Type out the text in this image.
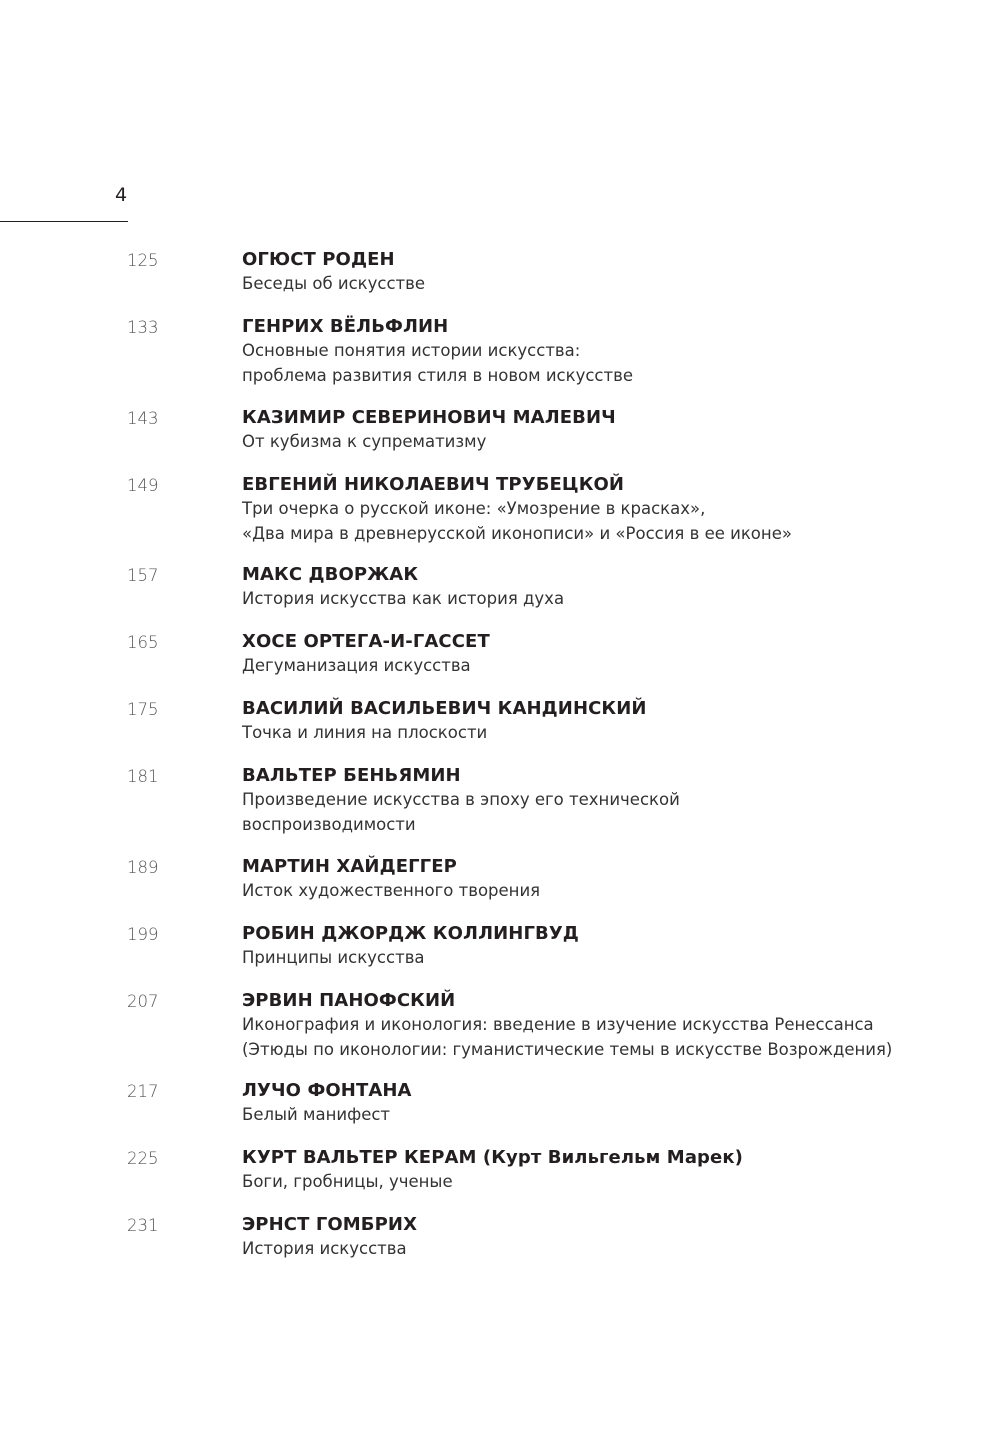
4
125	ОГЮСТ РОДЕН
Беседы об искусстве
133	ГЕНРИХ ВЁЛЬФЛИН
Основные понятия истории искусства:
проблема развития стиля в новом искусстве
143	КАЗИМИР СЕВЕРИНОВИЧ МАЛЕВИЧ
От кубизма к супрематизму
149	ЕВГЕНИЙ НИКОЛАЕВИЧ ТРУБЕЦКОЙ
Три очерка о русской иконе: «Умозрение в красках»,
«Два мира в древнерусской иконописи» и «Россия в ее иконе»
157	МАКС ДВОРЖАК
История искусства как история духа
165	ХОСЕ ОРТЕГА-И-ГАССЕТ
Дегуманизация искусства
175	ВАСИЛИЙ ВАСИЛЬЕВИЧ КАНДИНСКИЙ
Точка и линия на плоскости
181	ВАЛЬТЕР БЕНЬЯМИН
Произведение искусства в эпоху его технической
воспроизводимости
189	МАРТИН ХАЙДЕГГЕР
Исток художественного творения
199	РОБИН ДЖОРДЖ КОЛЛИНГВУД
Принципы искусства
207	ЭРВИН ПАНОФСКИЙ
Иконография и иконология: введение в изучение искусства Ренессанса
(Этюды по иконологии: гуманистические темы в искусстве Возрождения)
217	ЛУЧО ФОНТАНА
Белый манифест
225	КУРТ ВАЛЬТЕР КЕРАМ (Курт Вильгельм Марек)
Боги, гробницы, ученые
231	ЭРНСТ ГОМБРИХ
История искусства
